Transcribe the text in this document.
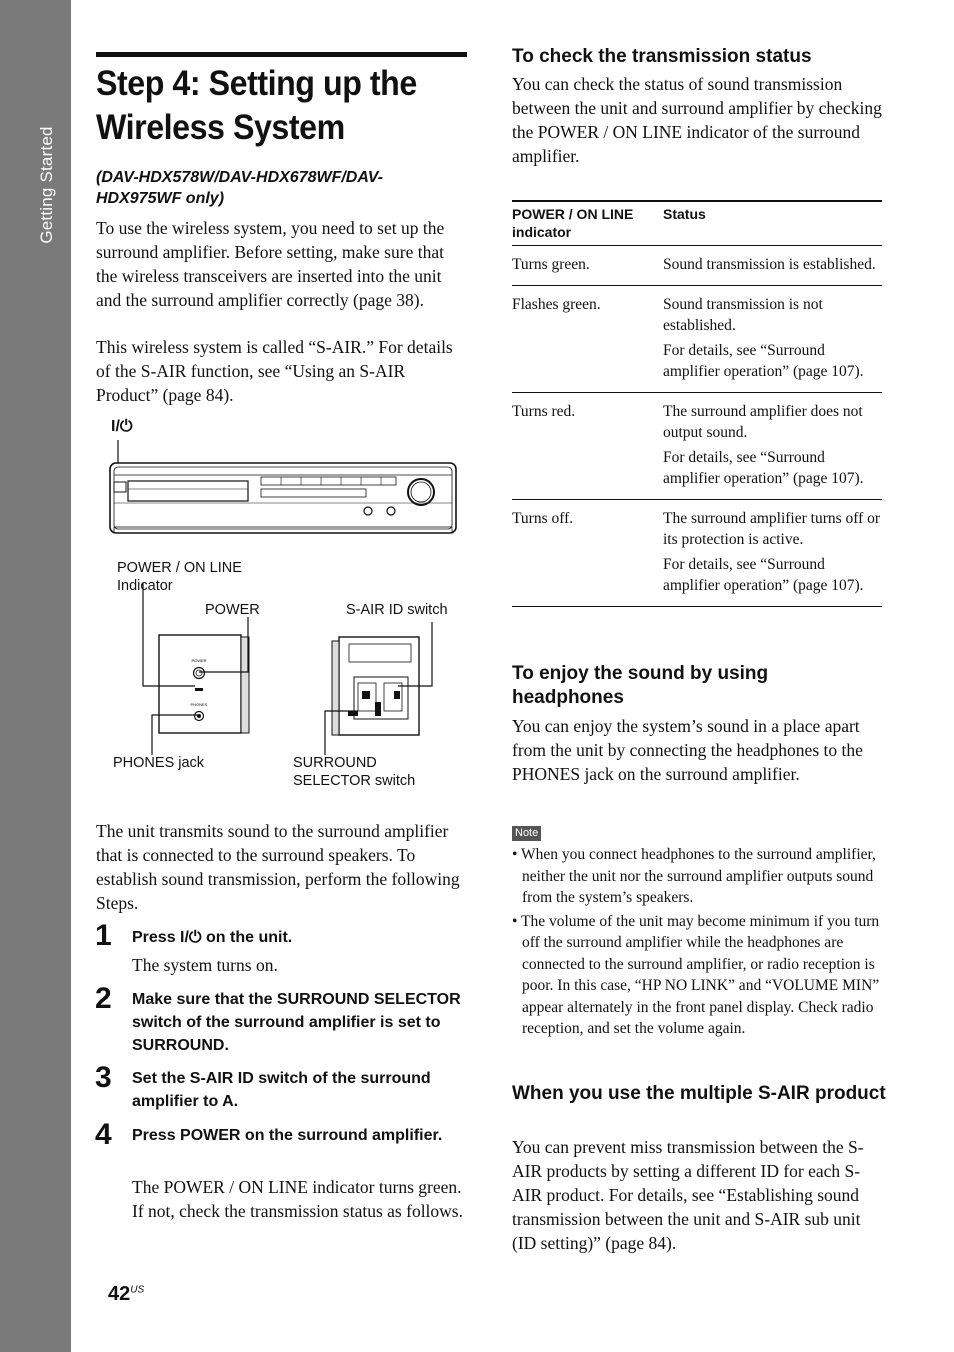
Getting Started
Step 4: Setting up the Wireless System

(DAV-HDX578W/DAV-HDX678WF/DAV-HDX975WF only)

To use the wireless system, you need to set up the surround amplifier. Before setting, make sure that the wireless transceivers are inserted into the unit and the surround amplifier correctly (page 38).

This wireless system is called “S-AIR.” For details of the S-AIR function, see “Using an S-AIR Product” (page 84).

I/⏻
POWER
PHONES
POWER / ON LINE Indicator
POWER	S-AIR ID switch
PHONES jack	SURROUND SELECTOR switch

The unit transmits sound to the surround amplifier that is connected to the surround speakers. To establish sound transmission, perform the following Steps.

1 Press I/⏻ on the unit.
The system turns on.
2 Make sure that the SURROUND SELECTOR switch of the surround amplifier is set to SURROUND.
3 Set the S-AIR ID switch of the surround amplifier to A.
4 Press POWER on the surround amplifier.
The POWER / ON LINE indicator turns green. If not, check the transmission status as follows.
To check the transmission status

You can check the status of sound transmission between the unit and surround amplifier by checking the POWER / ON LINE indicator of the surround amplifier.

POWER / ON LINE indicator	Status
Turns green.	Sound transmission is established.

Flashes green.	Sound transmission is not established.

For details, see “Surround amplifier operation” (page 107).

Turns red.	The surround amplifier does not output sound.

For details, see “Surround amplifier operation” (page 107).

Turns off.	The surround amplifier turns off or its protection is active.

For details, see “Surround amplifier operation” (page 107).

To enjoy the sound by using headphones

You can enjoy the system’s sound in a place apart from the unit by connecting the headphones to the PHONES jack on the surround amplifier.

Note
• When you connect headphones to the surround amplifier, neither the unit nor the surround amplifier outputs sound from the system’s speakers.
• The volume of the unit may become minimum if you turn off the surround amplifier while the headphones are connected to the surround amplifier, or radio reception is poor. In this case, “HP NO LINK” and “VOLUME MIN” appear alternately in the front panel display. Check radio reception, and set the volume again.
When you use the multiple S-AIR product

You can prevent miss transmission between the S-AIR products by setting a different ID for each S-AIR product. For details, see “Establishing sound transmission between the unit and S-AIR sub unit (ID setting)” (page 84).

$42^{US}$
